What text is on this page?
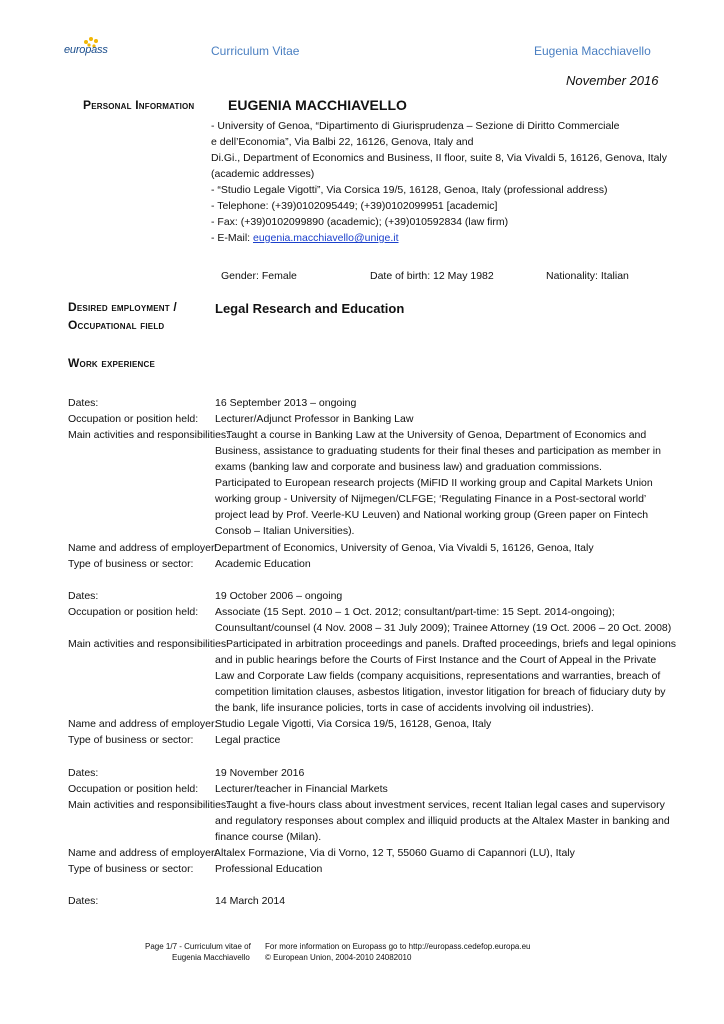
europass	Curriculum Vitae	Eugenia Macchiavello
November 2016
Personal Information EUGENIA MACCHIAVELLO
- University of Genoa, “Dipartimento di Giurisprudenza – Sezione di Diritto Commerciale
e dell’Economia”, Via Balbi 22, 16126, Genova, Italy and
Di.Gi., Department of Economics and Business, II floor, suite 8, Via Vivaldi 5, 16126, Genova, Italy
(academic addresses)
- “Studio Legale Vigotti”, Via Corsica 19/5, 16128, Genoa, Italy (professional address)
- Telephone: (+39)0102095449; (+39)0102099951 [academic]
- Fax: (+39)0102099890 (academic); (+39)010592834 (law firm)
- E-Mail: eugenia.macchiavello@unige.it
Gender: Female	Date of birth: 12 May 1982	Nationality: Italian
Desired employment /
Occupational field
Legal Research and Education
Work experience
Dates:	16 September 2013 – ongoing
Occupation or position held: Lecturer/Adjunct Professor in Banking Law
Main activities and responsibilities:
Taught a course in Banking Law at the University of Genoa, Department of Economics and
Business, assistance to graduating students for their final theses and participation as member in
exams (banking law and corporate and business law) and graduation commissions.
Participated to European research projects (MiFID II working group and Capital Markets Union
working group - University of Nijmegen/CLFGE; ‘Regulating Finance in a Post-sectoral world’
project lead by Prof. Veerle-KU Leuven) and National working group (Green paper on Fintech
Consob – Italian Universities).
Name and address of employer:
Department of Economics, University of Genoa, Via Vivaldi 5, 16126, Genoa, Italy
Type of business or sector: Academic Education
Dates:	19 October 2006 – ongoing
Occupation or position held: Associate (15 Sept. 2010 – 1 Oct. 2012; consultant/part-time: 15 Sept. 2014-ongoing);
Counsultant/counsel (4 Nov. 2008 – 31 July 2009); Trainee Attorney (19 Oct. 2006 – 20 Oct. 2008)
Main activities and responsibilities:
Participated in arbitration proceedings and panels. Drafted proceedings, briefs and legal opinions
and in public hearings before the Courts of First Instance and the Court of Appeal in the Private
Law and Corporate Law fields (company acquisitions, representations and warranties, breach of
competition limitation clauses, asbestos litigation, investor litigation for breach of fiduciary duty by
the bank, life insurance policies, torts in case of accidents involving oil industries).
Name and address of employer:
Studio Legale Vigotti, Via Corsica 19/5, 16128, Genoa, Italy
Type of business or sector: Legal practice
Dates:	19 November 2016
Occupation or position held: Lecturer/teacher in Financial Markets
Main activities and responsibilities:
Taught a five-hours class about investment services, recent Italian legal cases and supervisory
and regulatory responses about complex and illiquid products at the Altalex Master in banking and
finance course (Milan).
Name and address of employer:
Altalex Formazione, Via di Vorno, 12 T, 55060 Guamo di Capannori (LU), Italy
Type of business or sector: Professional Education
Dates:	14 March 2014
Page 1/7 - Curriculum vitae of
Eugenia Macchiavello
For more information on Europass go to http://europass.cedefop.europa.eu
© European Union, 2004-2010 24082010
